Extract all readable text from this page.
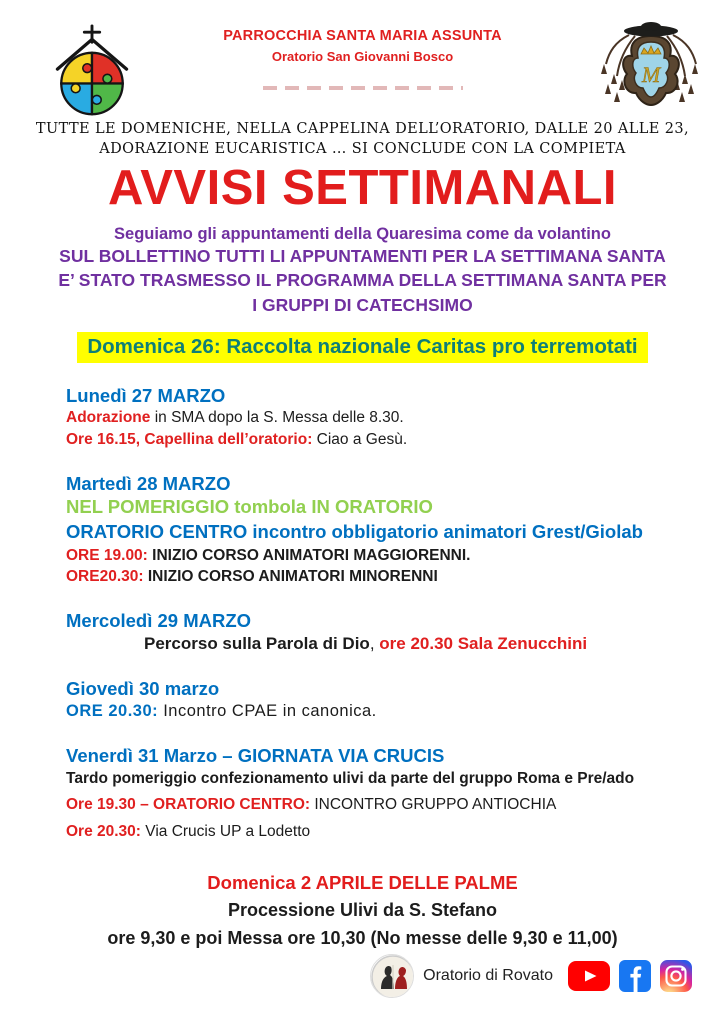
PARROCCHIA SANTA MARIA ASSUNTA
Oratorio San Giovanni Bosco
M
TUTTE LE DOMENICHE, NELLA CAPPELINA DELL’ORATORIO, DALLE 20 ALLE 23,
ADORAZIONE EUCARISTICA … SI CONCLUDE CON LA COMPIETA
AVVISI SETTIMANALI
Seguiamo gli appuntamenti della Quaresima come da volantino
SUL BOLLETTINO TUTTI LI APPUNTAMENTI PER LA SETTIMANA SANTA
E’ STATO TRASMESSO IL PROGRAMMA DELLA SETTIMANA SANTA PER
I GRUPPI DI CATECHSIMO
Domenica 26: Raccolta nazionale Caritas pro terremotati
Lunedì 27 MARZO

Adorazione in SMA dopo la S. Messa delle 8.30.

Ore 16.15, Capellina dell’oratorio: Ciao a Gesù.

Martedì 28 MARZO

NEL POMERIGGIO tombola IN ORATORIO

ORATORIO CENTRO incontro obbligatorio animatori Grest/Giolab

ORE 19.00: INIZIO CORSO ANIMATORI MAGGIORENNI.

ORE20.30: INIZIO CORSO ANIMATORI MINORENNI

Mercoledì 29 MARZO

Percorso sulla Parola di Dio, ore 20.30 Sala Zenucchini

Giovedì 30 marzo

ORE 20.30: Incontro CPAE in canonica.

Venerdì 31 Marzo – GIORNATA VIA CRUCIS

Tardo pomeriggio confezionamento ulivi da parte del gruppo Roma e Pre/ado

Ore 19.30 – ORATORIO CENTRO: INCONTRO GRUPPO ANTIOCHIA

Ore 20.30: Via Crucis UP a Lodetto

Domenica 2 APRILE DELLE PALME
Processione Ulivi da S. Stefano
ore 9,30 e poi Messa ore 10,30 (No messe delle 9,30 e 11,00)
Oratorio di Rovato
